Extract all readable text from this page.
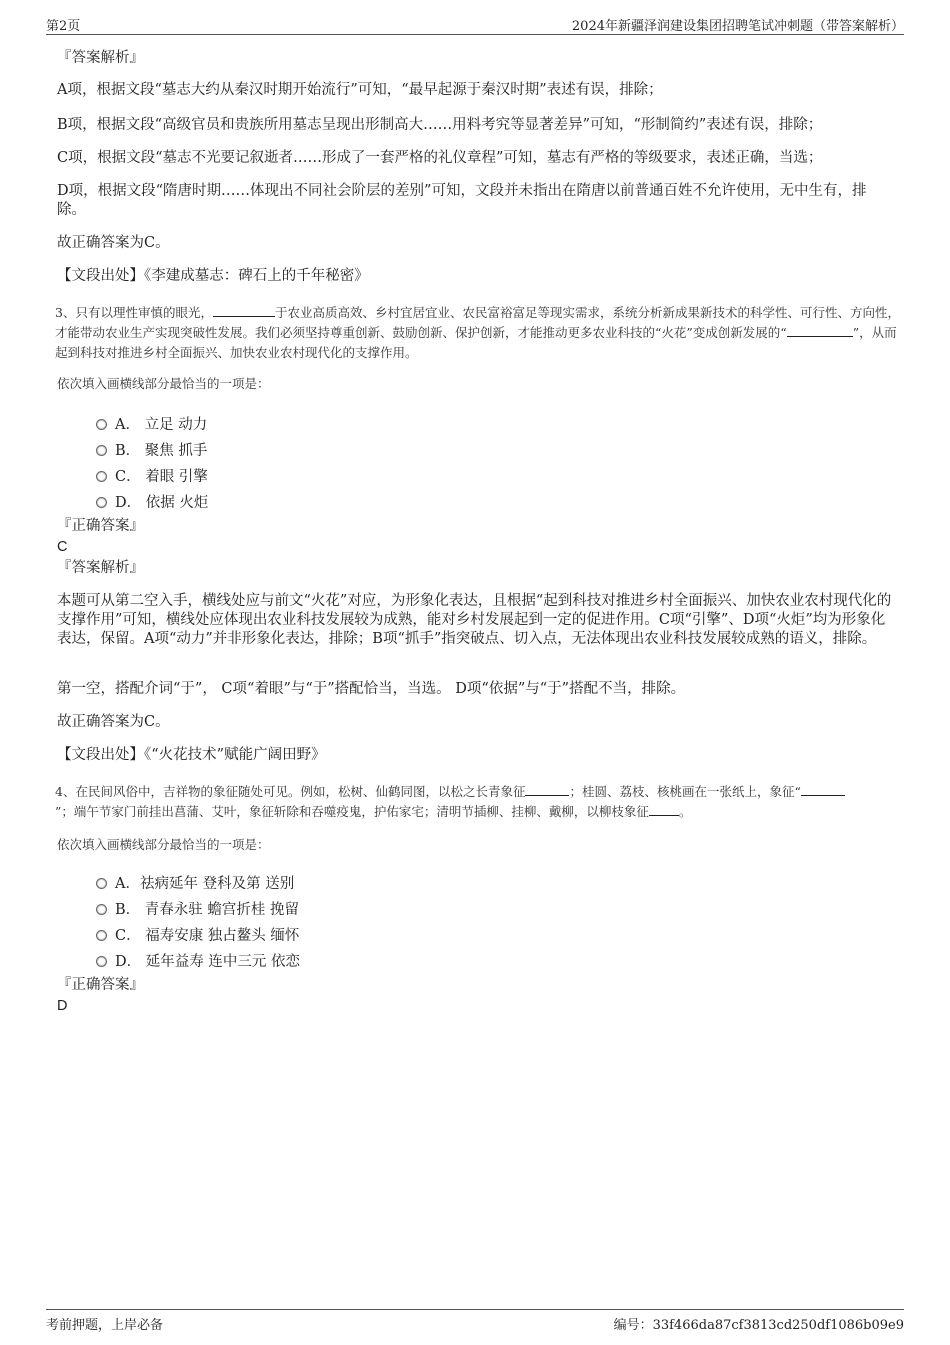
第2页	2024年新疆泽润建设集团招聘笔试冲刺题（带答案解析）
『答案解析』
A项，根据文段“墓志大约从秦汉时期开始流行”可知，“最早起源于秦汉时期”表述有误，排除；
B项，根据文段“高级官员和贵族所用墓志呈现出形制高大……用料考究等显著差异”可知，“形制简约”表述有误，排除；
C项，根据文段“墓志不光要记叙逝者……形成了一套严格的礼仪章程”可知，墓志有严格的等级要求，表述正确，当选；
D项，根据文段“隋唐时期……体现出不同社会阶层的差别”可知，文段并未指出在隋唐以前普通百姓不允许使用，无中生有，排除。
故正确答案为C。
【文段出处】《李建成墓志：碑石上的千年秘密》
3、只有以理性审慎的眼光，	于农业高质高效、乡村宜居宜业、农民富裕富足等现实需求，系统分析新成果新技术的科学性、可行性、方向性，才能带动农业生产实现突破性发展。我们必须坚持尊重创新、鼓励创新、保护创新，才能推动更多农业科技的“火花”变成创新发展的“	”，从而起到科技对推进乡村全面振兴、加快农业农村现代化的支撑作用。
依次填入画横线部分最恰当的一项是：
A． 立足 动力
B． 聚焦 抓手
C． 着眼 引擎
D． 依据 火炬
『正确答案』
C
『答案解析』
本题可从第二空入手，横线处应与前文“火花”对应，为形象化表达，且根据“起到科技对推进乡村全面振兴、加快农业农村现代化的支撑作用”可知，横线处应体现出农业科技发展较为成熟，能对乡村发展起到一定的促进作用。C项“引擎”、D项“火炬”均为形象化表达，保留。A项“动力”并非形象化表达，排除；B项“抓手”指突破点、切入点，无法体现出农业科技发展较成熟的语义，排除。
第一空，搭配介词“于”， C项“着眼”与“于”搭配恰当，当选。 D项“依据”与“于”搭配不当，排除。
故正确答案为C。
【文段出处】《“火花技术”赋能广阔田野》
4、在民间风俗中，吉祥物的象征随处可见。例如，松树、仙鹤同图，以松之长青象征	；桂圆、荔枝、核桃画在一张纸上，象征“”；端午节家门前挂出菖蒲、艾叶，象征斩除和吞噬疫鬼，护佑家宅；清明节插柳、挂柳、戴柳，以柳枝象征 。
依次填入画横线部分最恰当的一项是：
A．祛病延年 登科及第 送别
B． 青春永驻 蟾宫折桂 挽留
C． 福寿安康 独占鳌头 缅怀
D． 延年益寿 连中三元 依恋
『正确答案』
D
考前押题，上岸必备	编号：33f466da87cf3813cd250df1086b09e9
